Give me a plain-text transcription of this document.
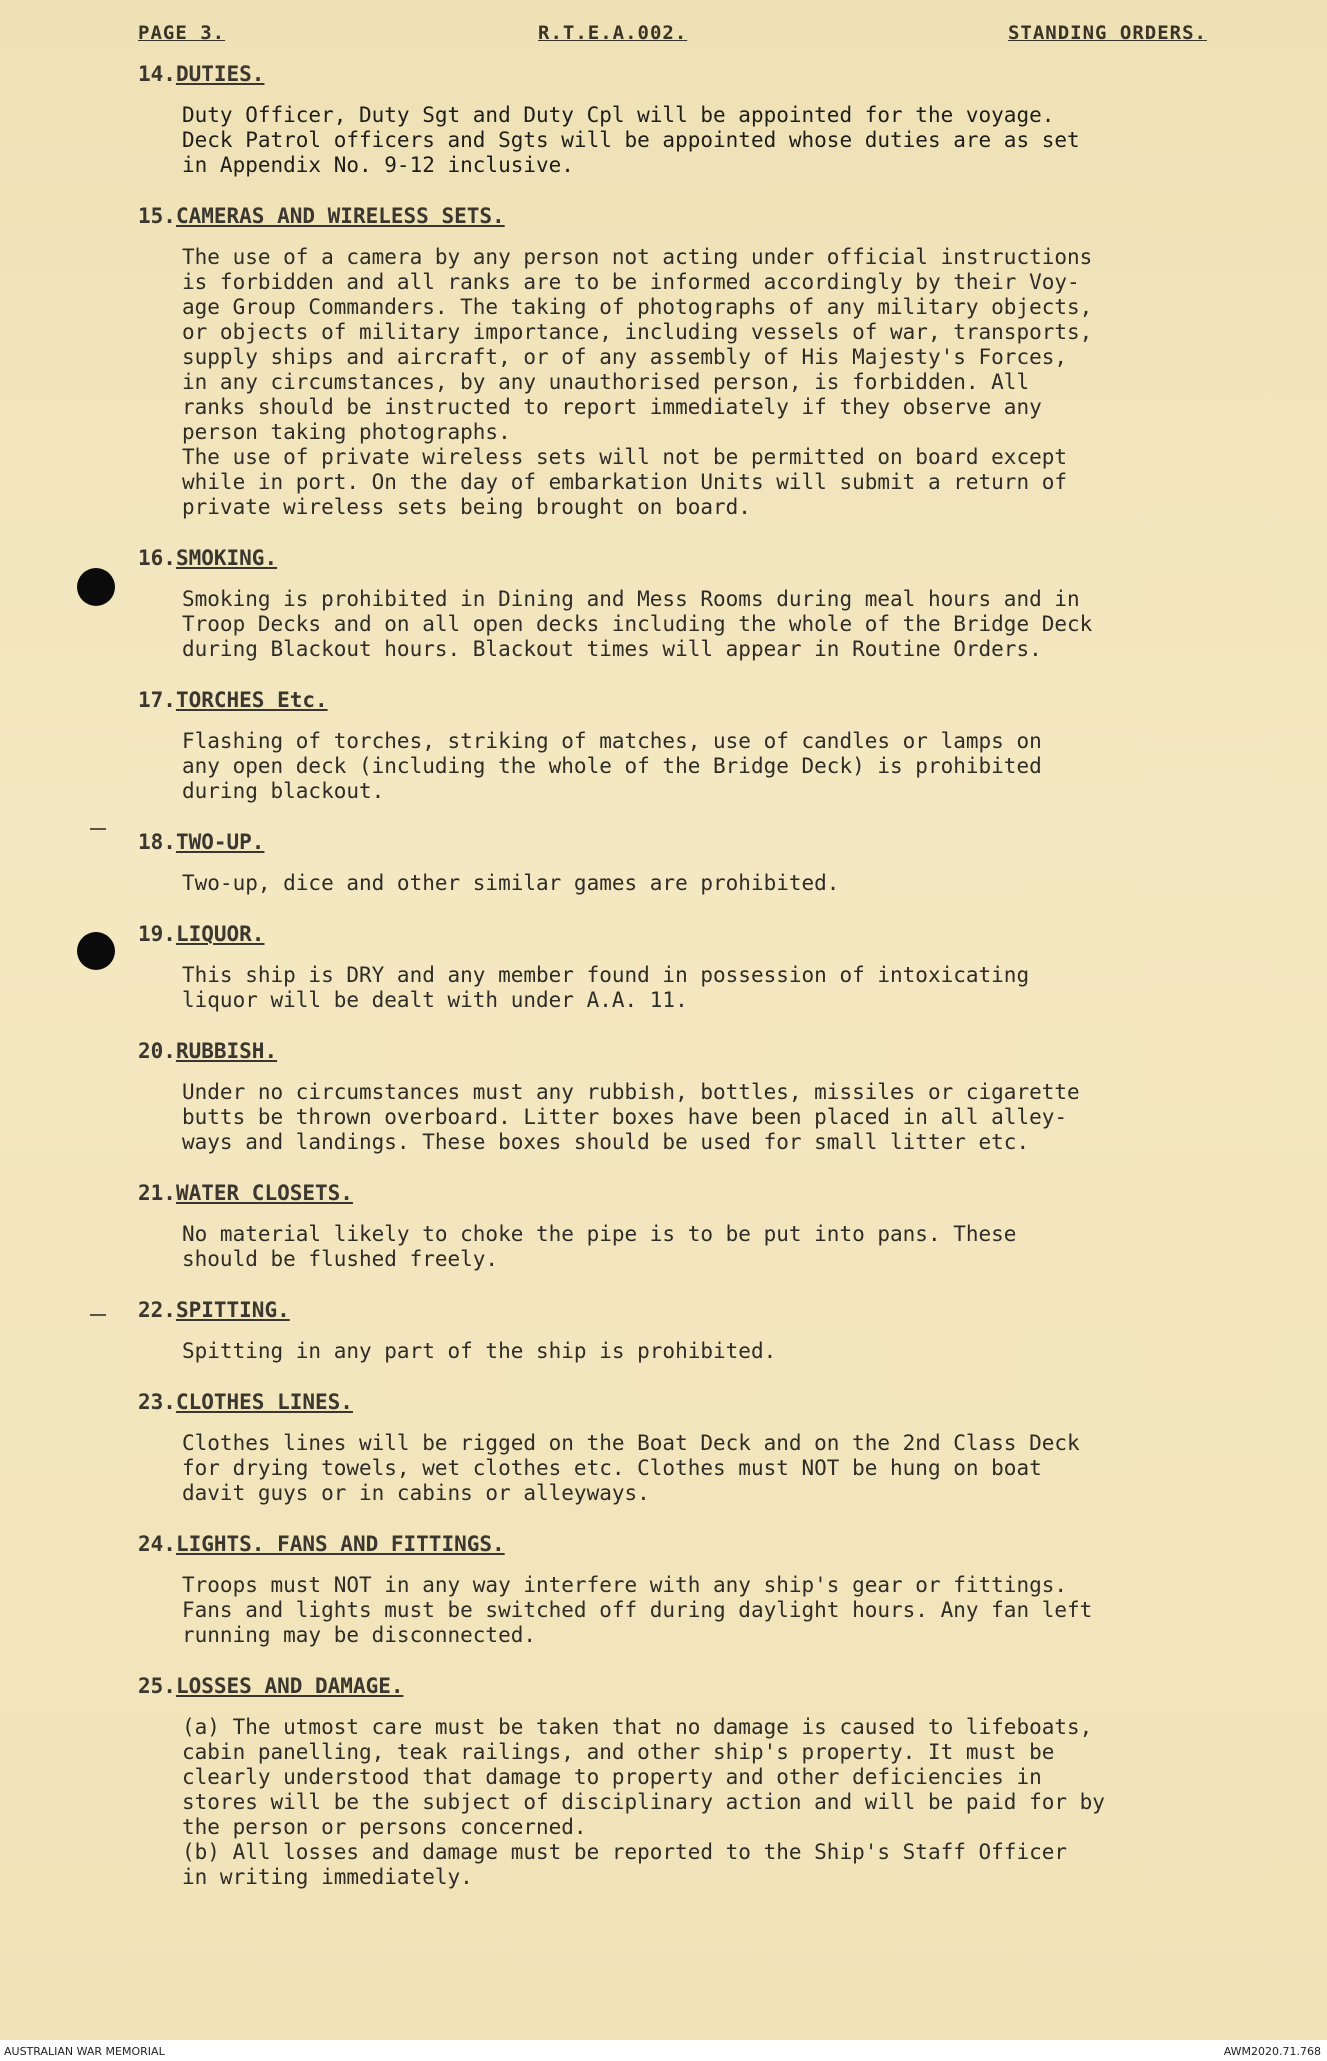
PAGE 3.	R.T.E.A.002.	STANDING ORDERS.
14.DUTIES.
Duty Officer, Duty Sgt and Duty Cpl will be appointed for the voyage.
Deck Patrol officers and Sgts will be appointed whose duties are as set
in Appendix No. 9-12 inclusive.
15.CAMERAS AND WIRELESS SETS.
The use of a camera by any person not acting under official instructions
is forbidden and all ranks are to be informed accordingly by their Voy-
age Group Commanders. The taking of photographs of any military objects,
or objects of military importance, including vessels of war, transports,
supply ships and aircraft, or of any assembly of His Majesty's Forces,
in any circumstances, by any unauthorised person, is forbidden. All
ranks should be instructed to report immediately if they observe any
person taking photographs.
The use of private wireless sets will not be permitted on board except
while in port. On the day of embarkation Units will submit a return of
private wireless sets being brought on board.
16.SMOKING.
Smoking is prohibited in Dining and Mess Rooms during meal hours and in
Troop Decks and on all open decks including the whole of the Bridge Deck
during Blackout hours. Blackout times will appear in Routine Orders.
17.TORCHES Etc.
Flashing of torches, striking of matches, use of candles or lamps on
any open deck (including the whole of the Bridge Deck) is prohibited
during blackout.
18.TWO-UP.
Two-up, dice and other similar games are prohibited.
19.LIQUOR.
This ship is DRY and any member found in possession of intoxicating
liquor will be dealt with under A.A. 11.
20.RUBBISH.
Under no circumstances must any rubbish, bottles, missiles or cigarette
butts be thrown overboard. Litter boxes have been placed in all alley-
ways and landings. These boxes should be used for small litter etc.
21.WATER CLOSETS.
No material likely to choke the pipe is to be put into pans. These
should be flushed freely.
22.SPITTING.
Spitting in any part of the ship is prohibited.
23.CLOTHES LINES.
Clothes lines will be rigged on the Boat Deck and on the 2nd Class Deck
for drying towels, wet clothes etc. Clothes must NOT be hung on boat
davit guys or in cabins or alleyways.
24.LIGHTS. FANS AND FITTINGS.
Troops must NOT in any way interfere with any ship's gear or fittings.
Fans and lights must be switched off during daylight hours. Any fan left
running may be disconnected.
25.LOSSES AND DAMAGE.
(a) The utmost care must be taken that no damage is caused to lifeboats,
cabin panelling, teak railings, and other ship's property. It must be
clearly understood that damage to property and other deficiencies in
stores will be the subject of disciplinary action and will be paid for by
the person or persons concerned.
(b) All losses and damage must be reported to the Ship's Staff Officer
in writing immediately.
AUSTRALIAN WAR MEMORIAL	AWM2020.71.768
